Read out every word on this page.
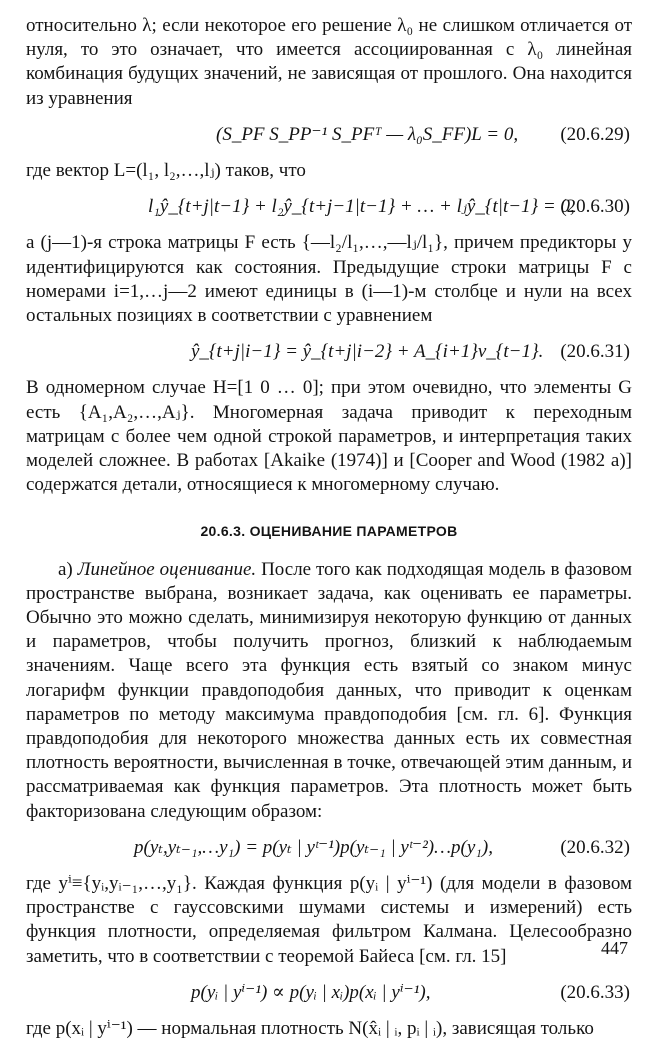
относительно λ; если некоторое его решение λ₀ не слишком отличается от нуля, то это означает, что имеется ассоциированная с λ₀ линейная комбинация будущих значений, не зависящая от прошлого. Она находится из уравнения

(S_PF S_PP⁻¹ S_PFᵀ — λ₀S_FF)L = 0, (20.6.29)

где вектор L=(l₁, l₂,…,lⱼ) таков, что

l₁ŷ_{t+j|t−1} + l₂ŷ_{t+j−1|t−1} + … + lⱼŷ_{t|t−1} = 0,
(20.6.30)

а (j—1)-я строка матрицы F есть {—l₂/l₁,…,—lⱼ/l₁}, причем предикторы y идентифицируются как состояния. Предыдущие строки матрицы F с номерами i=1,…j—2 имеют единицы в (i—1)-м столбце и нули на всех остальных позициях в соответствии с уравнением

ŷ_{t+j|i−1} = ŷ_{t+j|i−2} + A_{i+1}v_{t−1}. (20.6.31)

В одномерном случае H=[1 0 … 0]; при этом очевидно, что элементы G есть {A₁,A₂,…,Aⱼ}. Многомерная задача приводит к переходным матрицам с более чем одной строкой параметров, и интерпретация таких моделей сложнее. В работах [Akaike (1974)] и [Cooper and Wood (1982 a)] содержатся детали, относящиеся к многомерному случаю.

20.6.3. ОЦЕНИВАНИЕ ПАРАМЕТРОВ

а) Линейное оценивание. После того как подходящая модель в фазовом пространстве выбрана, возникает задача, как оценивать ее параметры. Обычно это можно сделать, минимизируя некоторую функцию от данных и параметров, чтобы получить прогноз, близкий к наблюдаемым значениям. Чаще всего эта функция есть взятый со знаком минус логарифм функции правдоподобия данных, что приводит к оценкам параметров по методу максимума правдоподобия [см. гл. 6]. Функция правдоподобия для некоторого множества данных есть их совместная плотность вероятности, вычисленная в точке, отвечающей этим данным, и рассматриваемая как функция параметров. Эта плотность может быть факторизована следующим образом:

p(yₜ,yₜ₋₁,…y₁) = p(yₜ | yᵗ⁻¹)p(yₜ₋₁ | yᵗ⁻²)…p(y₁),	(20.6.32)

где yⁱ≡{yᵢ,yᵢ₋₁,…,y₁}. Каждая функция p(yᵢ | yⁱ⁻¹) (для модели в фазовом пространстве с гауссовскими шумами системы и измерений) есть функция плотности, определяемая фильтром Калмана. Целесообразно заметить, что в соответствии с теоремой Байеса [см. гл. 15]

p(yᵢ | yⁱ⁻¹) ∝ p(yᵢ | xᵢ)p(xᵢ | yⁱ⁻¹),	(20.6.33)

где p(xᵢ | yⁱ⁻¹) — нормальная плотность N(x̂ᵢ | ᵢ, pᵢ | ᵢ), зависящая только

447
